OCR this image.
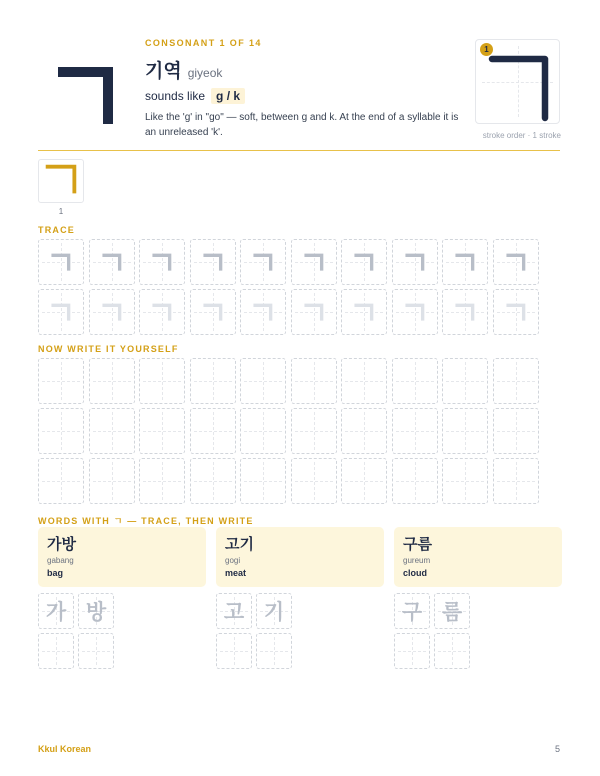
CONSONANT 1 OF 14
기역 giyeok
sounds like g / k
Like the 'g' in "go" — soft, between g and k. At the end of a syllable it is an unreleased 'k'.
1
stroke order · 1 stroke
1
TRACE
NOW WRITE IT YOURSELF
WORDS WITH ㄱ — TRACE, THEN WRITE
가방
gabang
bag
가 방
고기
gogi
meat
고 기
구름
gureum
cloud
구 름
Kkul Korean	5
